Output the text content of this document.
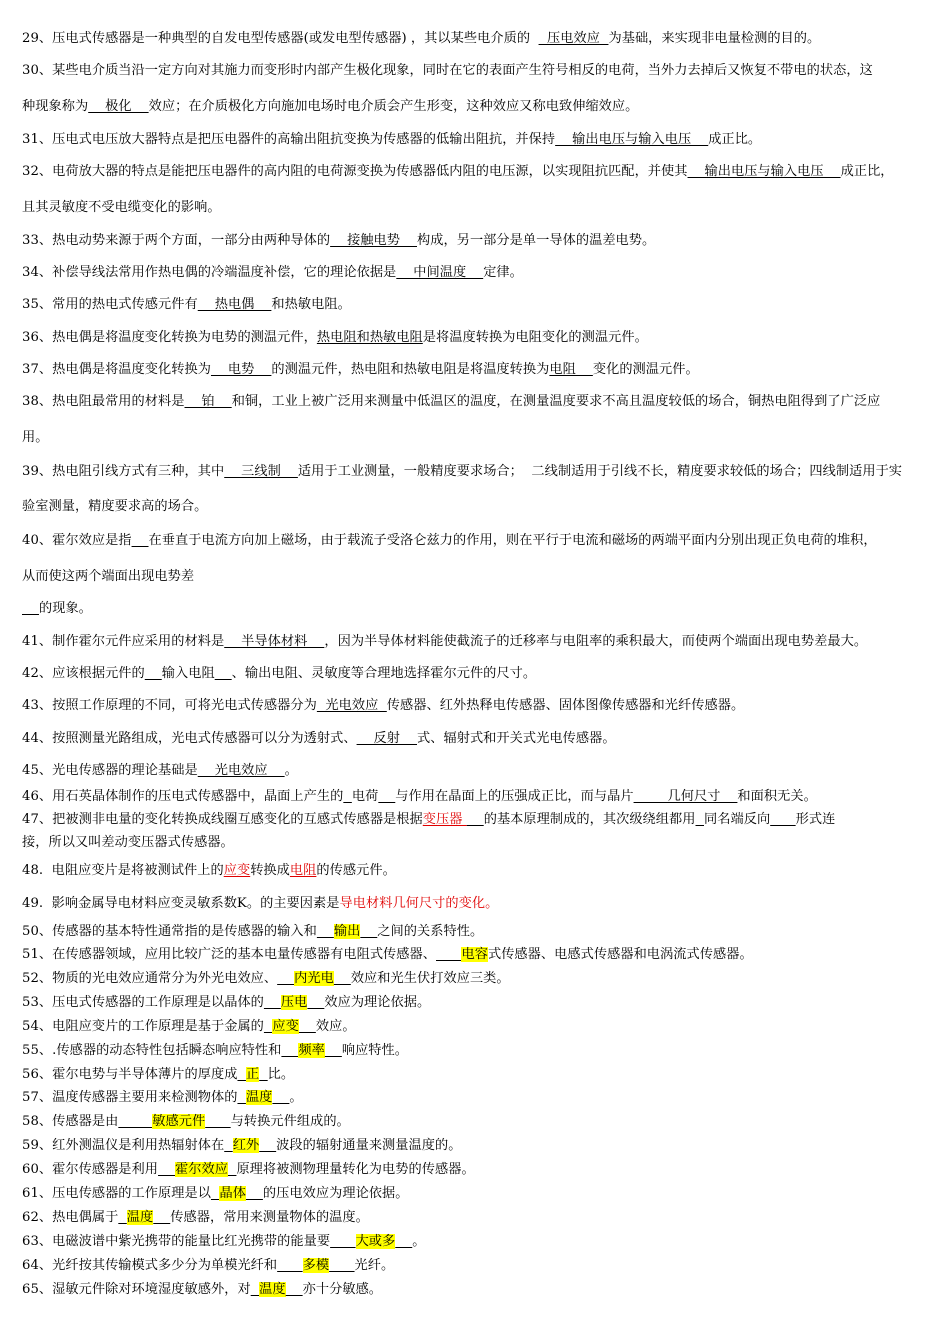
29、压电式传感器是一种典型的自发电型传感器(或发电型传感器) ，其以某些电介质的    压电效应  为基础，来实现非电量检测的目的。
30、某些电介质当沿一定方向对其施力而变形时内部产生极化现象，同时在它的表面产生符号相反的电荷，当外力去掉后又恢复不带电的状态，这
种现象称为    极化    效应；在介质极化方向施加电场时电介质会产生形变，这种效应又称电致伸缩效应。
31、压电式电压放大器特点是把压电器件的高输出阻抗变换为传感器的低输出阻抗，并保持    输出电压与输入电压    成正比。
32、电荷放大器的特点是能把压电器件的高内阻的电荷源变换为传感器低内阻的电压源，以实现阻抗匹配，并使其    输出电压与输入电压    成正比，
且其灵敏度不受电缆变化的影响。
33、热电动势来源于两个方面，一部分由两种导体的    接触电势    构成，另一部分是单一导体的温差电势。
34、补偿导线法常用作热电偶的冷端温度补偿，它的理论依据是    中间温度    定律。
35、常用的热电式传感元件有    热电偶    和热敏电阻。
36、热电偶是将温度变化转换为电势的测温元件，热电阻和热敏电阻是将温度转换为电阻变化的测温元件。
37、热电偶是将温度变化转换为    电势    的测温元件，热电阻和热敏电阻是将温度转换为电阻    变化的测温元件。
38、热电阻最常用的材料是    铂    和铜，工业上被广泛用来测量中低温区的温度，在测量温度要求不高且温度较低的场合，铜热电阻得到了广泛应
用。
39、热电阻引线方式有三种，其中    三线制    适用于工业测量，一般精度要求场合；  二线制适用于引线不长，精度要求较低的场合；四线制适用于实
验室测量，精度要求高的场合。
40、霍尔效应是指 在垂直于电流方向加上磁场，由于载流子受洛仑兹力的作用，则在平行于电流和磁场的两端平面内分别出现正负电荷的堆积，
从而使这两个端面出现电势差
的现象。
41、制作霍尔元件应采用的材料是    半导体材料    ，因为半导体材料能使截流子的迁移率与电阻率的乘积最大，而使两个端面出现电势差最大。
42、应该根据元件的 输入电阻 、输出电阻、灵敏度等合理地选择霍尔元件的尺寸。
43、按照工作原理的不同，可将光电式传感器分为  光电效应  传感器、红外热释电传感器、固体图像传感器和光纤传感器。
44、按照测量光路组成，光电式传感器可以分为透射式、    反射    式、辐射式和开关式光电传感器。
45、光电传感器的理论基础是    光电效应    。
46、用石英晶体制作的压电式传感器中，晶面上产生的 电荷 与作用在晶面上的压强成正比，而与晶片        几何尺寸    和面积无关。
47、把被测非电量的变化转换成线圈互感变化的互感式传感器是根据变压器     的基本原理制成的，其次级绕组都用 同名端反向 形式连
接，所以又叫差动变压器式传感器。
48.  电阻应变片是将被测试件上的应变转换成电阻的传感元件。
49.  影响金属导电材料应变灵敏系数K。的主要因素是导电材料几何尺寸的变化。
50、传感器的基本特性通常指的是传感器的输入和 输出 之间的关系特性。
51、在传感器领域，应用比较广泛的基本电量传感器有电阻式传感器、 电容式传感器、电感式传感器和电涡流式传感器。
52、物质的光电效应通常分为外光电效应、 内光电 效应和光生伏打效应三类。
53、压电式传感器的工作原理是以晶体的 压电 效应为理论依据。
54、电阻应变片的工作原理是基于金属的 应变 效应。
55、.传感器的动态特性包括瞬态响应特性和 频率 响应特性。
56、霍尔电势与半导体薄片的厚度成 正 比。
57、温度传感器主要用来检测物体的 温度 。
58、传感器是由	敏感元件 与转换元件组成的。
59、红外测温仪是利用热辐射体在 红外 波段的辐射通量来测量温度的。
60、霍尔传感器是利用 霍尔效应 原理将被测物理量转化为电势的传感器。
61、压电传感器的工作原理是以 晶体 的压电效应为理论依据。
62、热电偶属于 温度 传感器，常用来测量物体的温度。
63、电磁波谱中紫光携带的能量比红光携带的能量要 大或多 。
64、光纤按其传输模式多少分为单模光纤和 多模 光纤。
65、湿敏元件除对环境湿度敏感外，对 温度 亦十分敏感。
